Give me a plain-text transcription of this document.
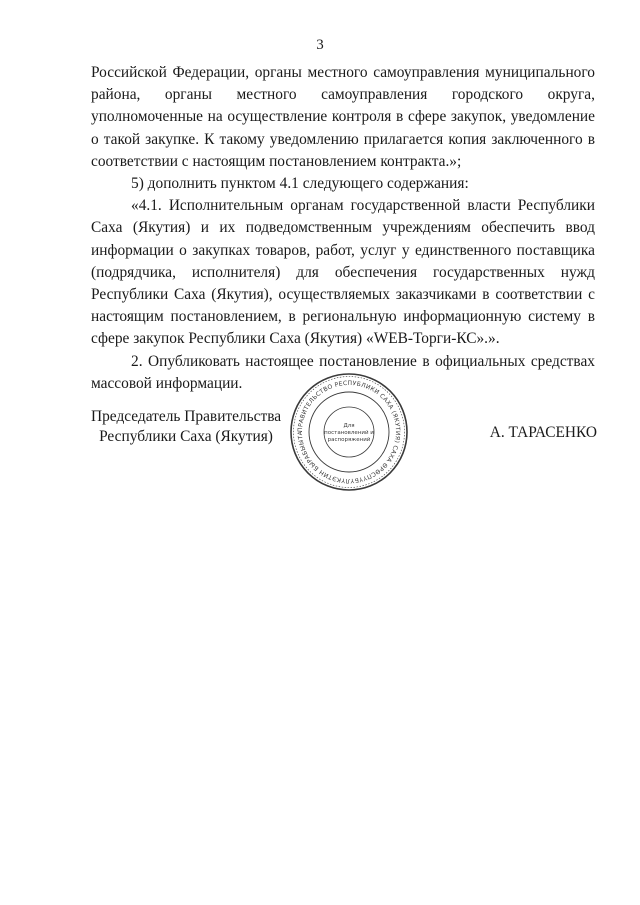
3

Российской Федерации, органы местного самоуправления муниципального района, органы местного самоуправления городского округа, уполномоченные на осуществление контроля в сфере закупок, уведомление о такой закупке. К такому уведомлению прилагается копия заключенного в соответствии с настоящим постановлением контракта.»;

5) дополнить пунктом 4.1 следующего содержания:

«4.1. Исполнительным органам государственной власти Республики Саха (Якутия) и их подведомственным учреждениям обеспечить ввод информации о закупках товаров, работ, услуг у единственного поставщика (подрядчика, исполнителя) для обеспечения государственных нужд Республики Саха (Якутия), осуществляемых заказчиками в соответствии с настоящим постановлением, в региональную информационную систему в сфере закупок Республики Саха (Якутия) «WEB-Торги-КС».».

2. Опубликовать настоящее постановление в официальных средствах массовой информации.

Председатель Правительства
Республики Саха (Якутия)	А. ТАРАСЕНКО
ПРАВИТЕЛЬСТВО РЕСПУБЛИКИ САХА (ЯКУТИЯ) САХА ӨРӨСПҮҮБҮЛҮКЭТИН БЫРАБЫЫТА
Для
постановлений и
распоряжений
